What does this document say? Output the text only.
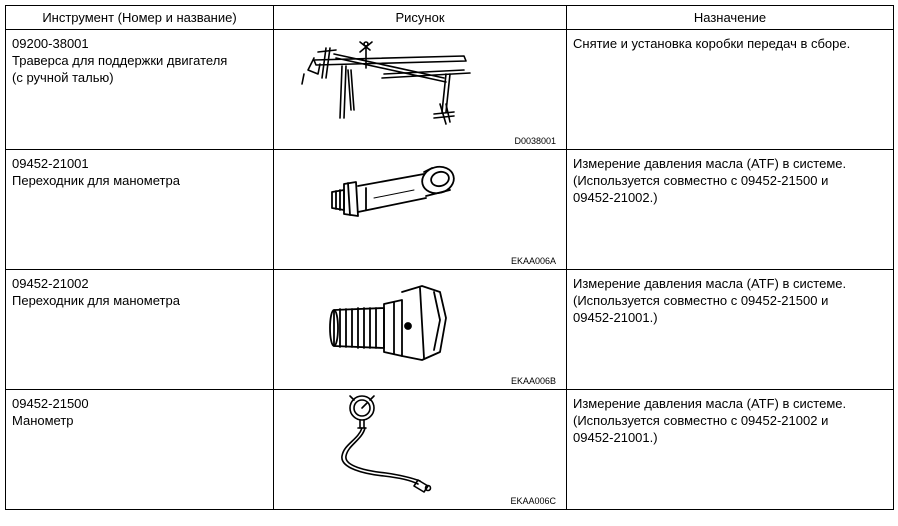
Инструмент (Номер и название)	Рисунок	Назначение

09200-38001
Траверса для поддержки двигателя
(с ручной талью)	D0038001	Снятие и установка коробки передач в сборе.

09452-21001
Переходник для манометра	EKAA006A	Измерение давления масла (ATF) в системе.
(Используется совместно с 09452-21500 и
09452-21002.)

09452-21002
Переходник для манометра	EKAA006B	Измерение давления масла (ATF) в системе.
(Используется совместно с 09452-21500 и
09452-21001.)

09452-21500
Манометр	EKAA006C	Измерение давления масла (ATF) в системе.
(Используется совместно с 09452-21002 и
09452-21001.)
